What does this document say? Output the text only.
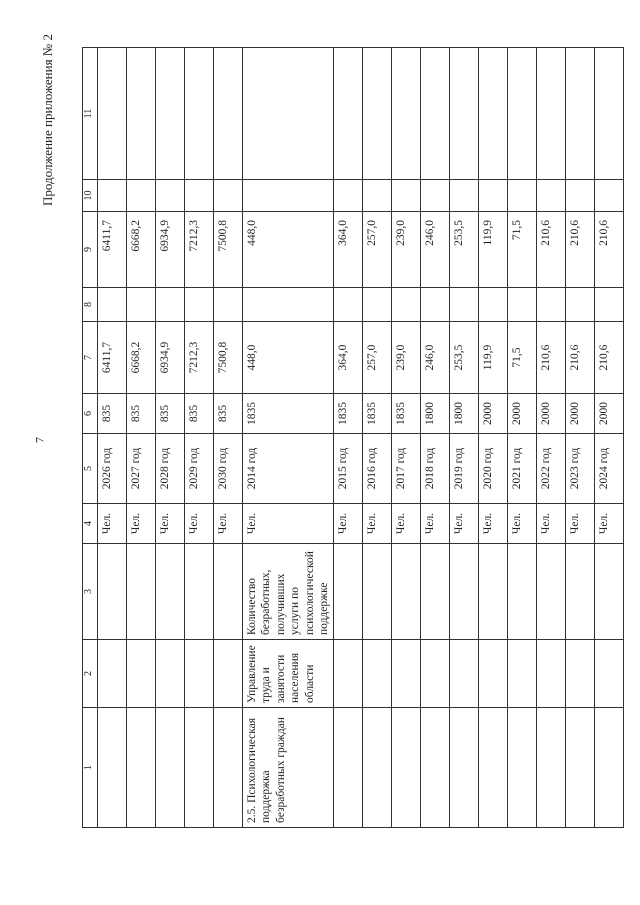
7
Продолжение приложения № 2
1	2	3	4	5	6	7	8	9	10	11
			Чел.	2026 год	835	6411,7		6411,7		
			Чел.	2027 год	835	6668,2		6668,2		
			Чел.	2028 год	835	6934,9		6934,9		
			Чел.	2029 год	835	7212,3		7212,3		
			Чел.	2030 год	835	7500,8		7500,8		
2.5. Психологическая поддержка безработных граждан	Управление труда и занятости населения области	Количество безработных, получивших услуги по психологической поддержке	Чел.	2014 год	1835	448,0		448,0		
			Чел.	2015 год	1835	364,0		364,0		
			Чел.	2016 год	1835	257,0		257,0		
			Чел.	2017 год	1835	239,0		239,0		
			Чел.	2018 год	1800	246,0		246,0		
			Чел.	2019 год	1800	253,5		253,5		
			Чел.	2020 год	2000	119,9		119,9		
			Чел.	2021 год	2000	71,5		71,5		
			Чел.	2022 год	2000	210,6		210,6		
			Чел.	2023 год	2000	210,6		210,6		
			Чел.	2024 год	2000	210,6		210,6		
